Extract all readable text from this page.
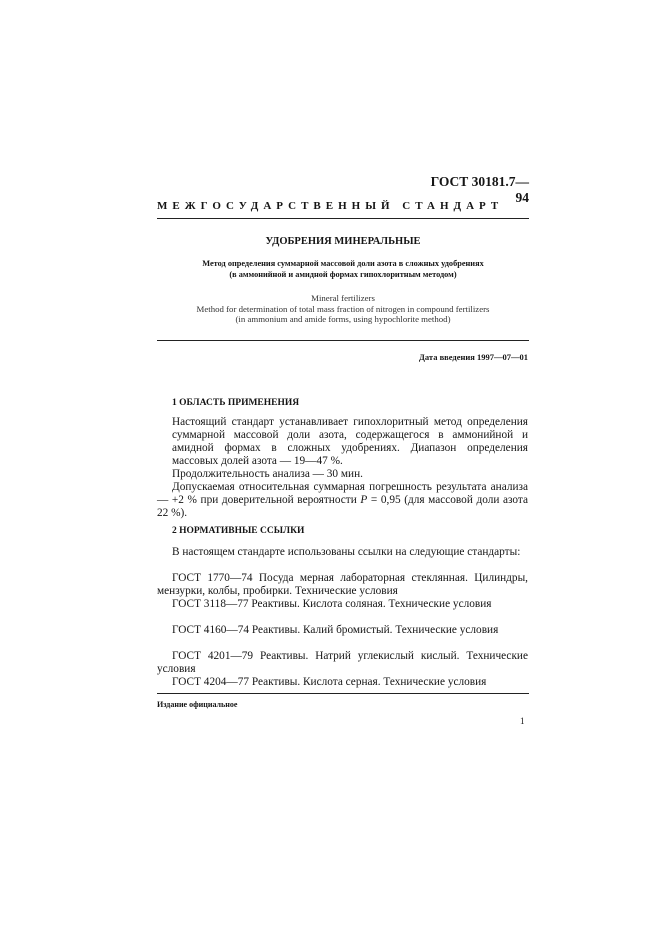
ГОСТ 30181.7—94
МЕЖГОСУДАРСТВЕННЫЙ СТАНДАРТ
УДОБРЕНИЯ МИНЕРАЛЬНЫЕ
Метод определения суммарной массовой доли азота в сложных удобрениях
(в аммонийной и амидной формах гипохлоритным методом)
Mineral fertilizers
Method for determination of total mass fraction of nitrogen in compound fertilizers
(in ammonium and amide forms, using hypochlorite method)
Дата введения 1997—07—01
1 ОБЛАСТЬ ПРИМЕНЕНИЯ
Настоящий стандарт устанавливает гипохлоритный метод определения суммарной массовой доли азота, содержащегося в аммонийной и амидной формах в сложных удобрениях. Диапазон определения массовых долей азота — 19—47 %.
Продолжительность анализа — 30 мин.
Допускаемая относительная суммарная погрешность результата анализа — +2 % при доверительной вероятности P = 0,95 (для массовой доли азота 22 %).
2 НОРМАТИВНЫЕ ССЫЛКИ
В настоящем стандарте использованы ссылки на следующие стандарты:
ГОСТ 1770—74 Посуда мерная лабораторная стеклянная. Цилиндры, мензурки, колбы, пробирки. Технические условия
ГОСТ 3118—77 Реактивы. Кислота соляная. Технические условия
ГОСТ 4160—74 Реактивы. Калий бромистый. Технические условия
ГОСТ 4201—79 Реактивы. Натрий углекислый кислый. Технические условия
ГОСТ 4204—77 Реактивы. Кислота серная. Технические условия
Издание официальное
1
